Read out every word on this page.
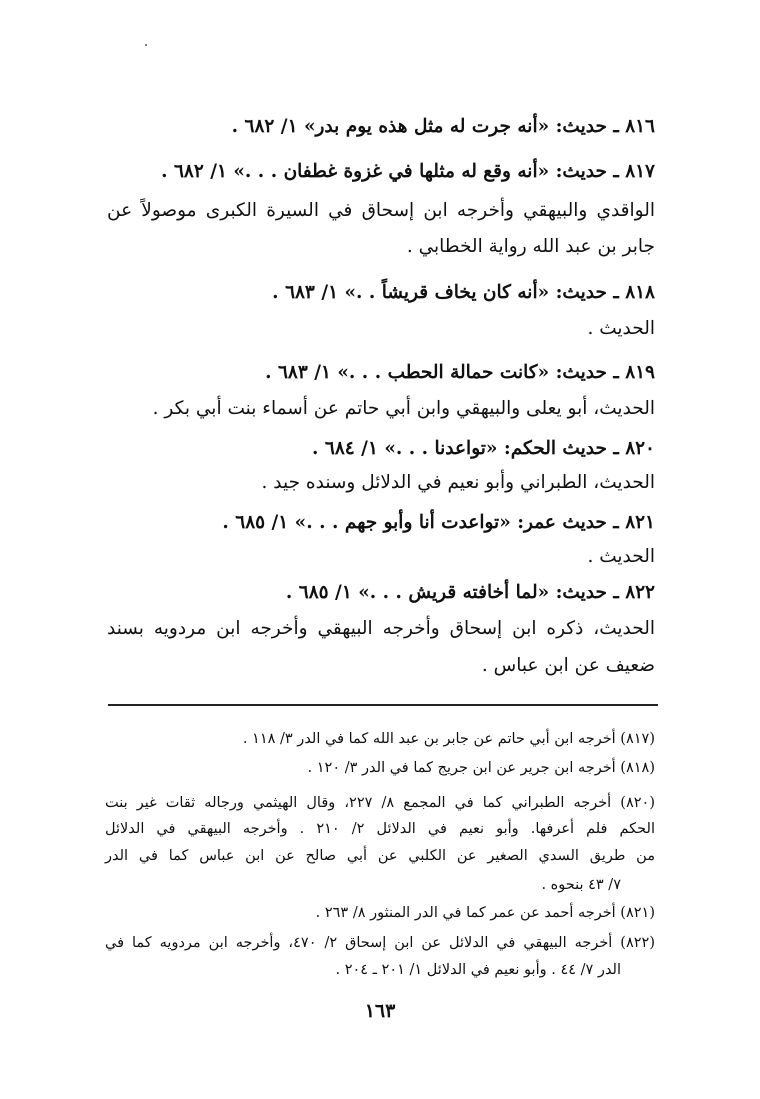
٨١٦ ـ حديث: «أنه جرت له مثل هذه يوم بدر» ١/ ٦٨٢ .
٨١٧ ـ حديث: «أنه وقع له مثلها في غزوة غطفان . . .» ١/ ٦٨٢ .
الواقدي والبيهقي وأخرجه ابن إسحاق في السيرة الكبرى موصولاً عن
جابر بن عبد الله رواية الخطابي .
٨١٨ ـ حديث: «أنه كان يخاف قريشاً . .» ١/ ٦٨٣ .
الحديث .
٨١٩ ـ حديث: «كانت حمالة الحطب . . .» ١/ ٦٨٣ .
الحديث، أبو يعلى والبيهقي وابن أبي حاتم عن أسماء بنت أبي بكر .
٨٢٠ ـ حديث الحكم: «تواعدنا . . .» ١/ ٦٨٤ .
الحديث، الطبراني وأبو نعيم في الدلائل وسنده جيد .
٨٢١ ـ حديث عمر: «تواعدت أنا وأبو جهم . . .» ١/ ٦٨٥ .
الحديث .
٨٢٢ ـ حديث: «لما أخافته قريش . . .» ١/ ٦٨٥ .
الحديث، ذكره ابن إسحاق وأخرجه البيهقي وأخرجه ابن مردويه بسند
ضعيف عن ابن عباس .
(٨١٧) أخرجه ابن أبي حاتم عن جابر بن عبد الله كما في الدر ٣/ ١١٨ .
(٨١٨) أخرجه ابن جرير عن ابن جريج كما في الدر ٣/ ١٢٠ .
(٨٢٠) أخرجه الطبراني كما في المجمع ٨/ ٢٢٧، وقال الهيثمي ورجاله ثقات غير بنت
الحكم فلم أعرفها. وأبو نعيم في الدلائل ٢/ ٢١٠ . وأخرجه البيهقي في الدلائل
من طريق السدي الصغير عن الكلبي عن أبي صالح عن ابن عباس كما في الدر
٧/ ٤٣ بنحوه .
(٨٢١) أخرجه أحمد عن عمر كما في الدر المنثور ٨/ ٢٦٣ .
(٨٢٢) أخرجه البيهقي في الدلائل عن ابن إسحاق ٢/ ٤٧٠، وأخرجه ابن مردويه كما في
الدر ٧/ ٤٤ . وأبو نعيم في الدلائل ١/ ٢٠١ ـ ٢٠٤ .
١٦٣
